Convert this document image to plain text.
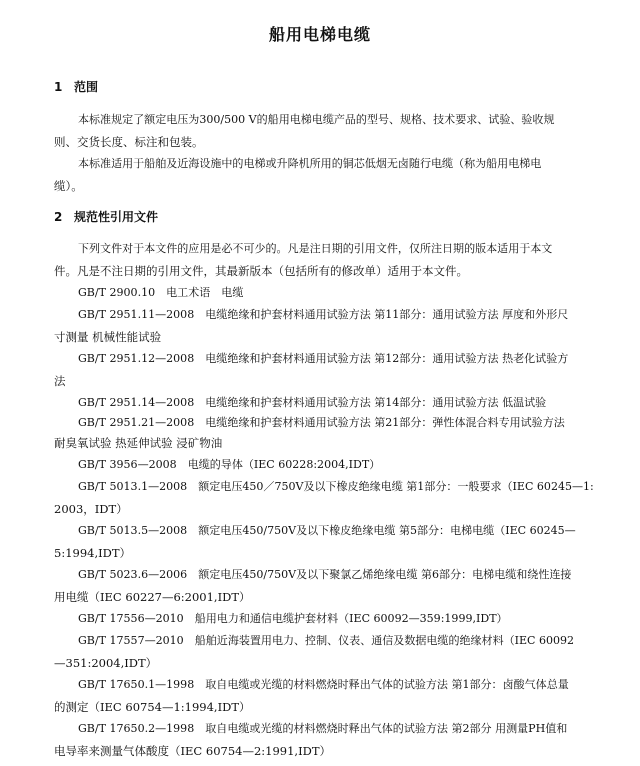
船用电梯电缆
1 范围
本标准规定了额定电压为300/500 V的船用电梯电缆产品的型号、规格、技术要求、试验、验收规
则、交货长度、标注和包装。
本标准适用于船舶及近海设施中的电梯或升降机所用的铜芯低烟无卤随行电缆（称为船用电梯电
缆）。
2 规范性引用文件
下列文件对于本文件的应用是必不可少的。凡是注日期的引用文件，仅所注日期的版本适用于本文
件。凡是不注日期的引用文件，其最新版本（包括所有的修改单）适用于本文件。
GB/T 2900.10　电工术语　电缆
GB/T 2951.11—2008　电缆绝缘和护套材料通用试验方法 第11部分：通用试验方法 厚度和外形尺
寸测量 机械性能试验
GB/T 2951.12—2008　电缆绝缘和护套材料通用试验方法 第12部分：通用试验方法 热老化试验方
法
GB/T 2951.14—2008　电缆绝缘和护套材料通用试验方法 第14部分：通用试验方法 低温试验
GB/T 2951.21—2008　电缆绝缘和护套材料通用试验方法 第21部分：弹性体混合料专用试验方法
耐臭氧试验 热延伸试验 浸矿物油
GB/T 3956—2008　电缆的导体（IEC 60228:2004,IDT）
GB/T 5013.1—2008　额定电压450／750V及以下橡皮绝缘电缆 第1部分：一般要求（IEC 60245—1:
2003，IDT）
GB/T 5013.5—2008　额定电压450/750V及以下橡皮绝缘电缆 第5部分：电梯电缆（IEC 60245—
5:1994,IDT）
GB/T 5023.6—2006　额定电压450/750V及以下聚氯乙烯绝缘电缆 第6部分：电梯电缆和绕性连接
用电缆（IEC 60227—6:2001,IDT）
GB/T 17556—2010　船用电力和通信电缆护套材料（IEC 60092—359:1999,IDT）
GB/T 17557—2010　船舶近海装置用电力、控制、仪表、通信及数据电缆的绝缘材料（IEC 60092
—351:2004,IDT）
GB/T 17650.1—1998　取自电缆或光缆的材料燃烧时释出气体的试验方法 第1部分：卤酸气体总量
的测定（IEC 60754—1:1994,IDT）
GB/T 17650.2—1998　取自电缆或光缆的材料燃烧时释出气体的试验方法 第2部分 用测量PH值和
电导率来测量气体酸度（IEC 60754—2:1991,IDT）
